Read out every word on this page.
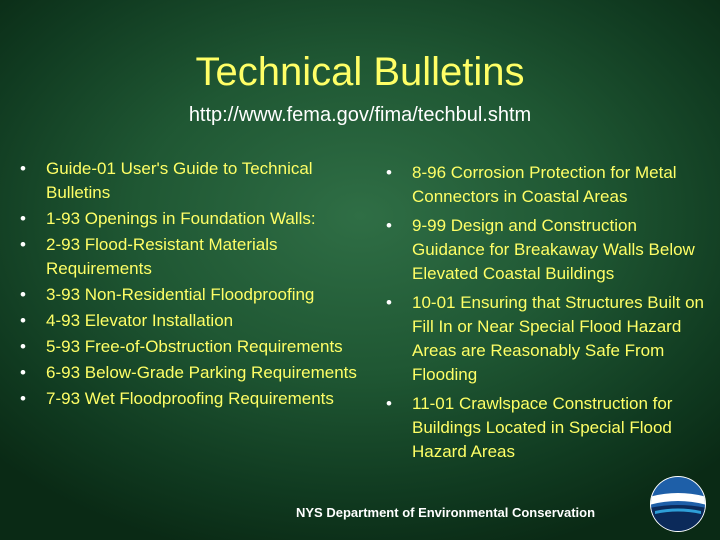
Technical Bulletins
http://www.fema.gov/fima/techbul.shtm
• Guide-01 User's Guide to Technical Bulletins
• 1-93 Openings in Foundation Walls:
• 2-93 Flood-Resistant Materials Requirements
• 3-93 Non-Residential Floodproofing
• 4-93 Elevator Installation
• 5-93 Free-of-Obstruction Requirements
• 6-93 Below-Grade Parking Requirements
• 7-93 Wet Floodproofing Requirements
• 8-96 Corrosion Protection for Metal Connectors in Coastal Areas
• 9-99 Design and Construction Guidance for Breakaway Walls Below Elevated Coastal Buildings
• 10-01 Ensuring that Structures Built on Fill In or Near Special Flood Hazard Areas are Reasonably Safe From Flooding
• 11-01 Crawlspace Construction for Buildings Located in Special Flood Hazard Areas
NYS Department of Environmental Conservation
